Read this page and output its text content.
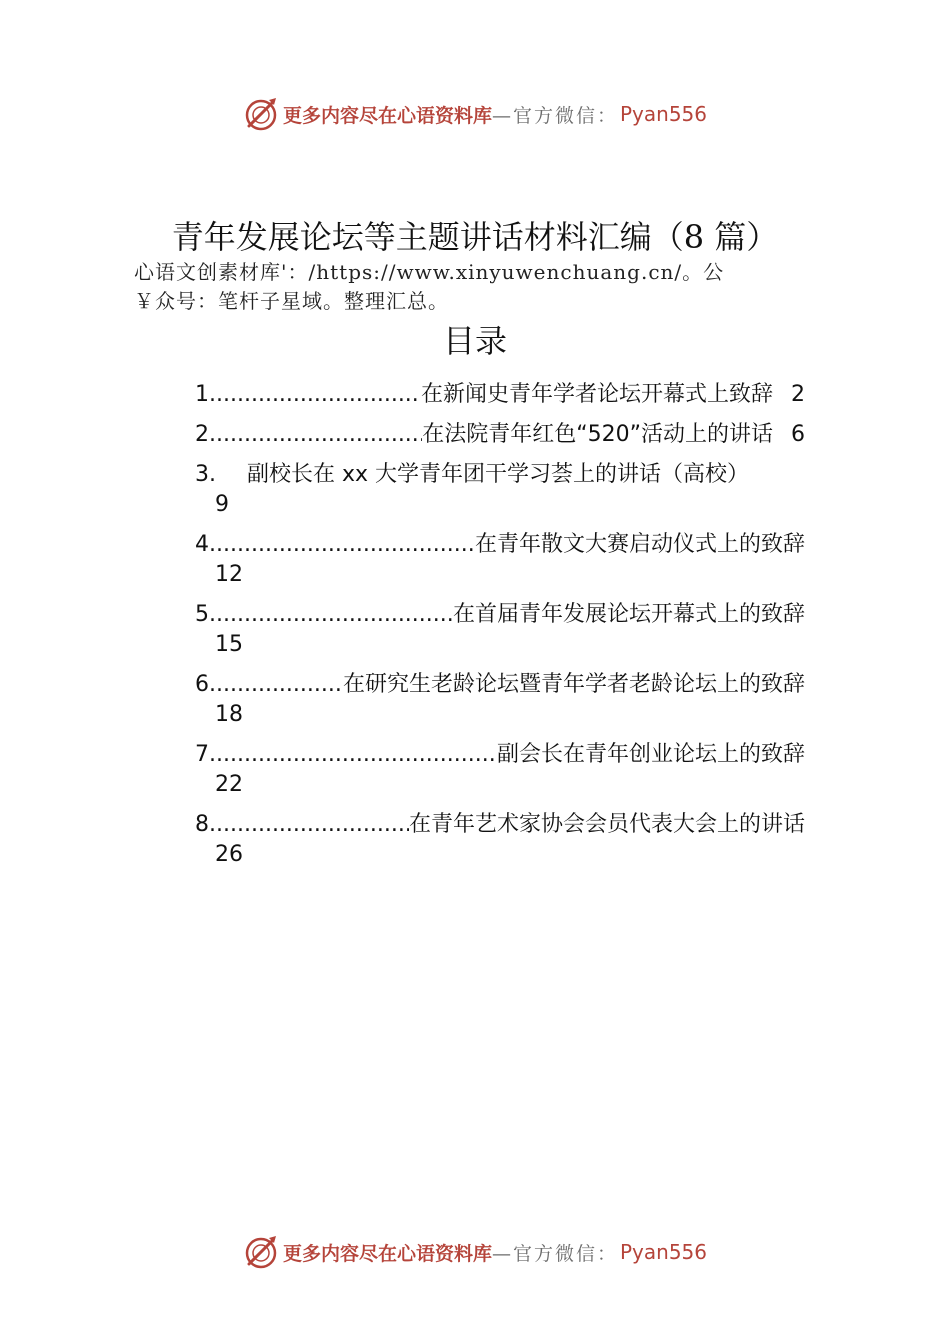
更多内容尽在心语资料库 —官方微信： Pyan556
青年发展论坛等主题讲话材料汇编（8 篇）
心语文创素材库'：/https://www.xinyuwenchuang.cn/。公
￥众号：笔杆子星域。整理汇总。
目录
1 .....	在新闻史青年学者论坛开幕式上致辞 2
2 .....	在法院青年红色“520”活动上的讲话 6
3. 副校长在 xx 大学青年团干学习荟上的讲话（高校）
9
4 .....	在青年散文大赛启动仪式上的致辞
12
5 .....	在首届青年发展论坛开幕式上的致辞
15
6 .....	在研究生老龄论坛暨青年学者老龄论坛上的致辞
18
7 .....	副会长在青年创业论坛上的致辞
22
8 .....	在青年艺术家协会会员代表大会上的讲话
26
更多内容尽在心语资料库 —官方微信： Pyan556
